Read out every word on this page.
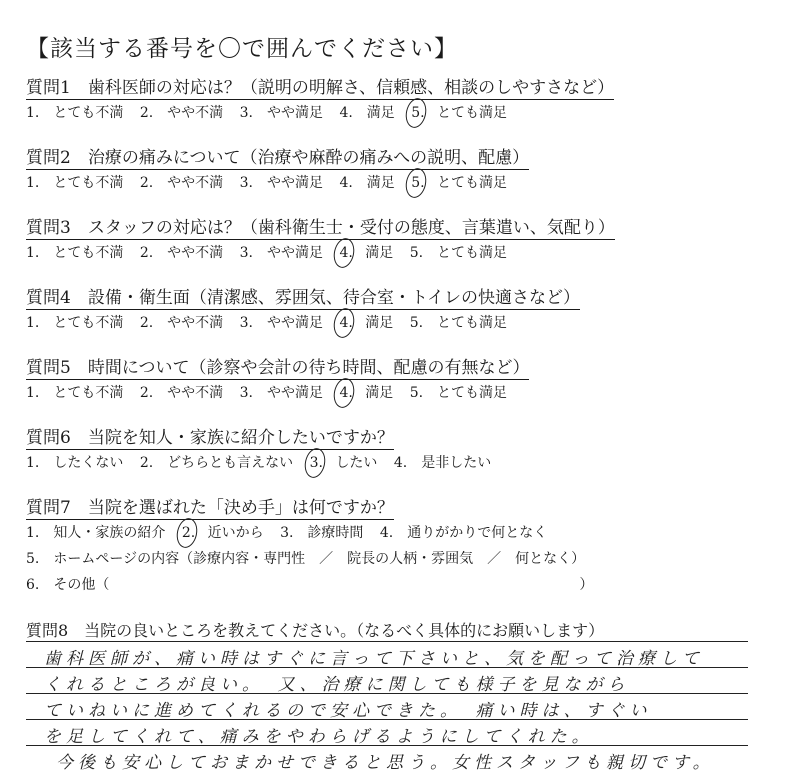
【該当する番号を〇で囲んでください】
質問1　歯科医師の対応は？（説明の明解さ、信頼感、相談のしやすさなど）
1.　とても不満 2.　やや不満 3.　やや満足 4.　満足 5. とても満足
質問2　治療の痛みについて（治療や麻酔の痛みへの説明、配慮）
1.　とても不満 2.　やや不満 3.　やや満足 4.　満足 5. とても満足
質問3　スタッフの対応は？（歯科衛生士・受付の態度、言葉遣い、気配り）
1.　とても不満 2.　やや不満 3.　やや満足 4. 満足 5.　とても満足
質問4　設備・衛生面（清潔感、雰囲気、待合室・トイレの快適さなど）
1.　とても不満 2.　やや不満 3.　やや満足 4. 満足 5.　とても満足
質問5　時間について（診察や会計の待ち時間、配慮の有無など）
1.　とても不満 2.　やや不満 3.　やや満足 4. 満足 5.　とても満足
質問6　当院を知人・家族に紹介したいですか？
1.　したくない 2.　どちらとも言えない 3. したい 4.　是非したい
質問7　当院を選ばれた「決め手」は何ですか？
1.　知人・家族の紹介 2. 近いから 3.　診療時間 4.　通りがかりで何となく
5.　ホームページの内容（診療内容・専門性　／　院長の人柄・雰囲気　／　何となく）
6.　その他（	）
質問8　当院の良いところを教えてください。（なるべく具体的にお願いします）
歯科医師が、痛い時はすぐに言って下さいと、気を配って治療して
くれるところが良い。　又、治療に関しても様子を見ながら
ていねいに進めてくれるので安心できた。　痛い時は、すぐい
を足してくれて、痛みをやわらげるようにしてくれた。
今後も安心しておまかせできると思う。女性スタッフも親切です。
